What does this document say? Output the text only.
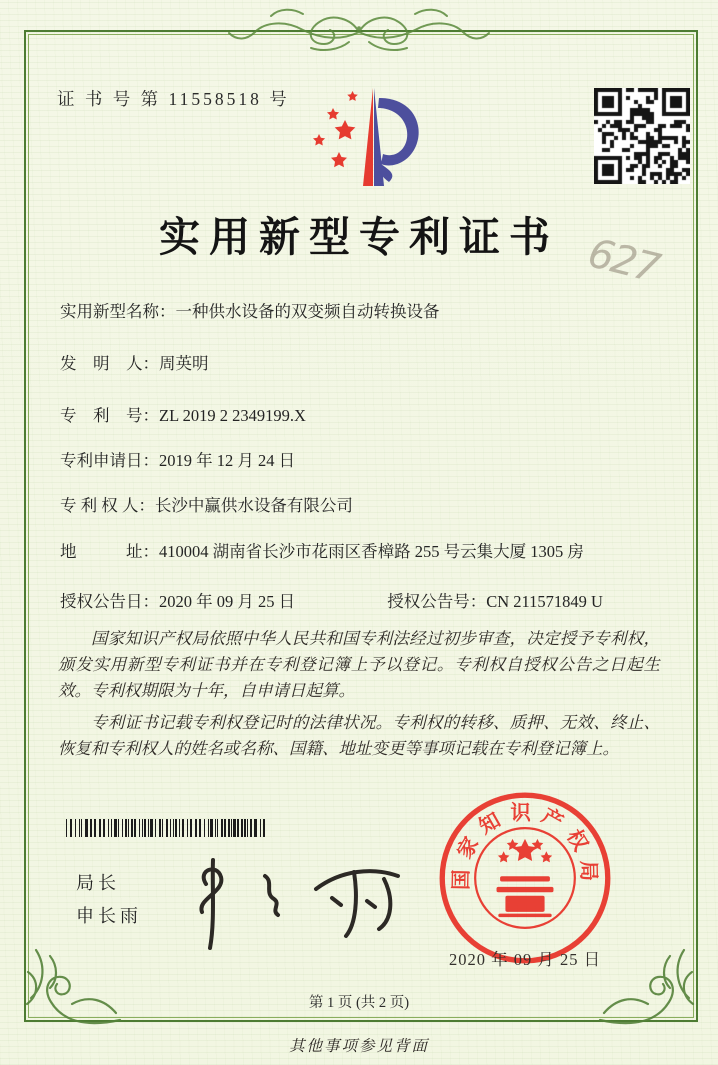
证 书 号 第 11558518 号
实用新型专利证书 627
实用新型名称：一种供水设备的双变频自动转换设备
发　明　人：周英明
专　利　号：ZL 2019 2 2349199.X
专利申请日：2019 年 12 月 24 日
专 利 权 人：长沙中赢供水设备有限公司
地　　　址：410004 湖南省长沙市花雨区香樟路 255 号云集大厦 1305 房
授权公告日：2020 年 09 月 25 日	授权公告号：CN 211571849 U

国家知识产权局依照中华人民共和国专利法经过初步审查，决定授予专利权，颁发实用新型专利证书并在专利登记簿上予以登记。专利权自授权公告之日起生效。专利权期限为十年，自申请日起算。

专利证书记载专利权登记时的法律状况。专利权的转移、质押、无效、终止、恢复和专利权人的姓名或名称、国籍、地址变更等事项记载在专利登记簿上。

局长
申长雨
国家知识产权局
2020 年 09 月 25 日
第 1 页 (共 2 页)
其他事项参见背面
